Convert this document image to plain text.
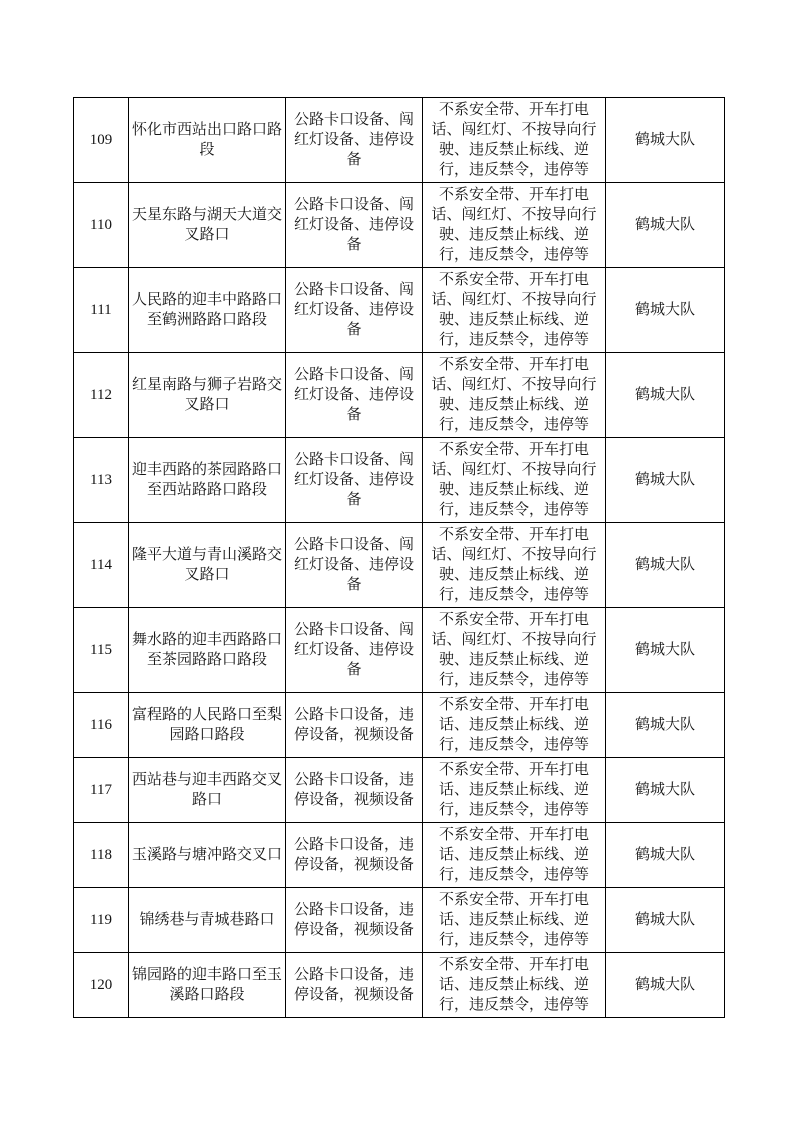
109	怀化市西站出口路口路段	公路卡口设备、闯红灯设备、违停设备	不系安全带、开车打电话、闯红灯、不按导向行驶、违反禁止标线、逆行，违反禁令，违停等	鹤城大队
110	天星东路与湖天大道交叉路口	公路卡口设备、闯红灯设备、违停设备	不系安全带、开车打电话、闯红灯、不按导向行驶、违反禁止标线、逆行，违反禁令，违停等	鹤城大队
111	人民路的迎丰中路路口至鹤洲路路口路段	公路卡口设备、闯红灯设备、违停设备	不系安全带、开车打电话、闯红灯、不按导向行驶、违反禁止标线、逆行，违反禁令，违停等	鹤城大队
112	红星南路与狮子岩路交叉路口	公路卡口设备、闯红灯设备、违停设备	不系安全带、开车打电话、闯红灯、不按导向行驶、违反禁止标线、逆行，违反禁令，违停等	鹤城大队
113	迎丰西路的茶园路路口至西站路路口路段	公路卡口设备、闯红灯设备、违停设备	不系安全带、开车打电话、闯红灯、不按导向行驶、违反禁止标线、逆行，违反禁令，违停等	鹤城大队
114	隆平大道与青山溪路交叉路口	公路卡口设备、闯红灯设备、违停设备	不系安全带、开车打电话、闯红灯、不按导向行驶、违反禁止标线、逆行，违反禁令，违停等	鹤城大队
115	舞水路的迎丰西路路口至茶园路路口路段	公路卡口设备、闯红灯设备、违停设备	不系安全带、开车打电话、闯红灯、不按导向行驶、违反禁止标线、逆行，违反禁令，违停等	鹤城大队
116	富程路的人民路口至梨园路口路段	公路卡口设备，违停设备，视频设备	不系安全带、开车打电话、违反禁止标线、逆行，违反禁令，违停等	鹤城大队
117	西站巷与迎丰西路交叉路口	公路卡口设备，违停设备，视频设备	不系安全带、开车打电话、违反禁止标线、逆行，违反禁令，违停等	鹤城大队
118	玉溪路与塘冲路交叉口	公路卡口设备，违停设备，视频设备	不系安全带、开车打电话、违反禁止标线、逆行，违反禁令，违停等	鹤城大队
119	锦绣巷与青城巷路口	公路卡口设备，违停设备，视频设备	不系安全带、开车打电话、违反禁止标线、逆行，违反禁令，违停等	鹤城大队
120	锦园路的迎丰路口至玉溪路口路段	公路卡口设备，违停设备，视频设备	不系安全带、开车打电话、违反禁止标线、逆行，违反禁令，违停等	鹤城大队
